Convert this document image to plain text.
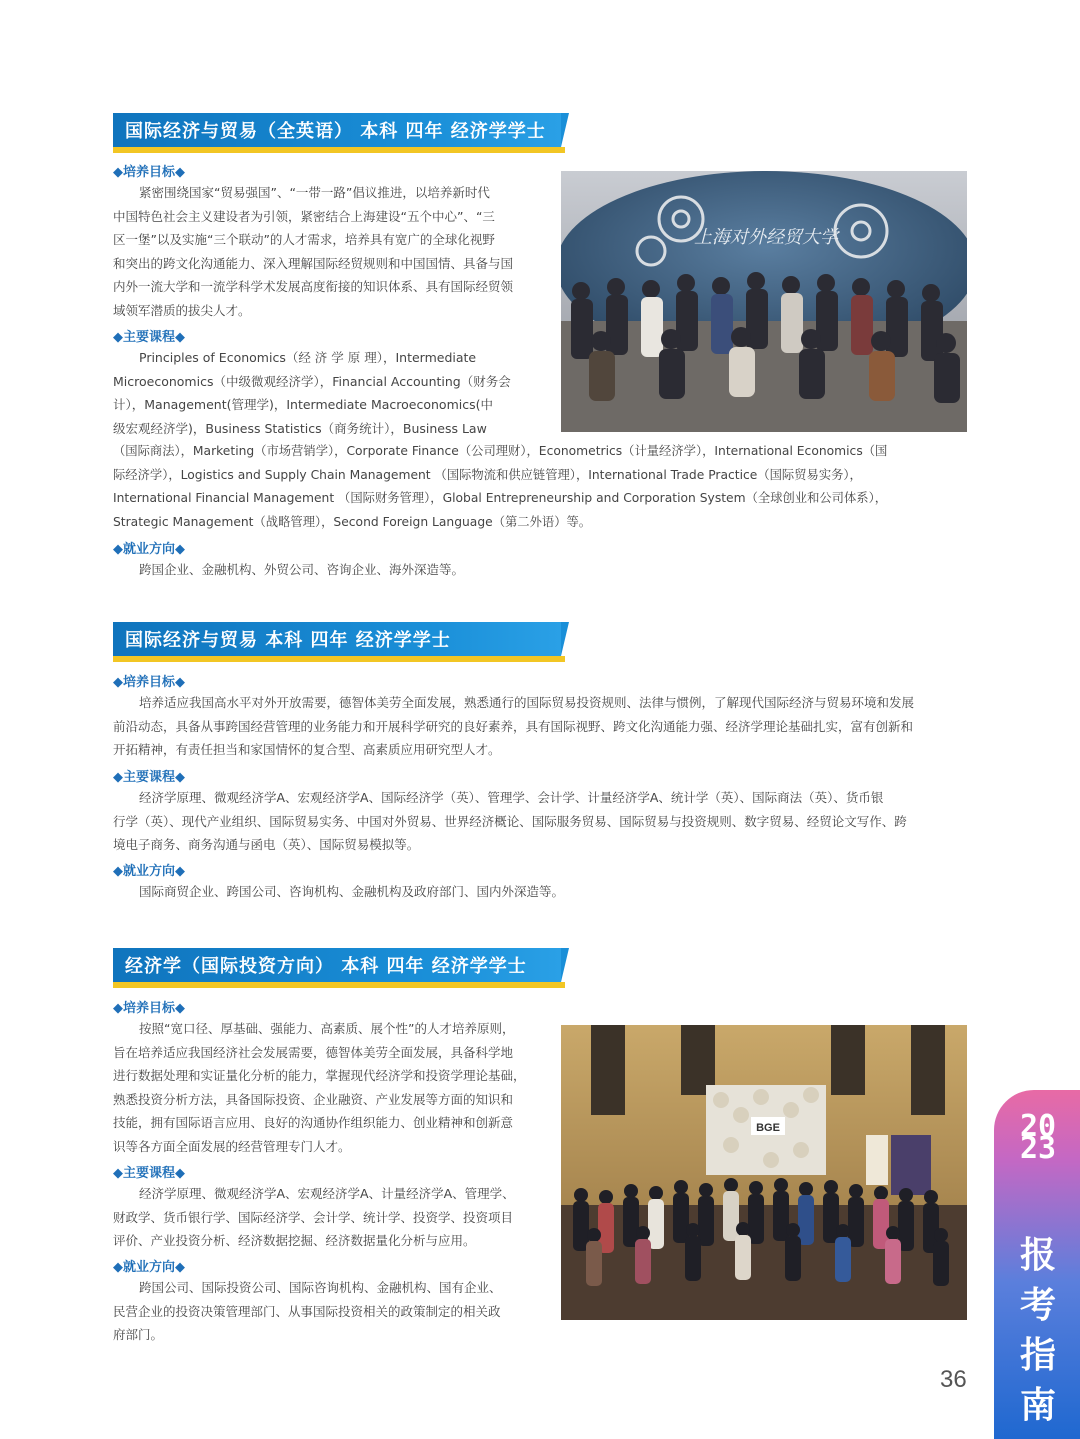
国际经济与贸易（全英语） 本科 四年 经济学学士
◆培养目标◆
紧密围绕国家“贸易强国”、“一带一路”倡议推进，以培养新时代
中国特色社会主义建设者为引领，紧密结合上海建设“五个中心”、“三
区一堡”以及实施“三个联动”的人才需求，培养具有宽广的全球化视野
和突出的跨文化沟通能力、深入理解国际经贸规则和中国国情、具备与国
内外一流大学和一流学科学术发展高度衔接的知识体系、具有国际经贸领
域领军潜质的拔尖人才。
◆主要课程◆
Principles of Economics（经 济 学 原 理），Intermediate
Microeconomics（中级微观经济学），Financial Accounting（财务会
计），Management(管理学)，Intermediate Macroeconomics(中
级宏观经济学)，Business Statistics（商务统计），Business Law
（国际商法），Marketing（市场营销学），Corporate Finance（公司理财），Econometrics（计量经济学），International Economics（国
际经济学），Logistics and Supply Chain Management （国际物流和供应链管理），International Trade Practice（国际贸易实务），
International Financial Management （国际财务管理），Global Entrepreneurship and Corporation System（全球创业和公司体系），
Strategic Management（战略管理），Second Foreign Language（第二外语）等。
◆就业方向◆
跨国企业、金融机构、外贸公司、咨询企业、海外深造等。
上海对外经贸大学
国际经济与贸易 本科 四年 经济学学士
◆培养目标◆
培养适应我国高水平对外开放需要，德智体美劳全面发展，熟悉通行的国际贸易投资规则、法律与惯例，了解现代国际经济与贸易环境和发展
前沿动态，具备从事跨国经营管理的业务能力和开展科学研究的良好素养，具有国际视野、跨文化沟通能力强、经济学理论基础扎实，富有创新和
开拓精神，有责任担当和家国情怀的复合型、高素质应用研究型人才。
◆主要课程◆
经济学原理、微观经济学A、宏观经济学A、国际经济学（英）、管理学、会计学、计量经济学A、统计学（英）、国际商法（英）、货币银
行学（英）、现代产业组织、国际贸易实务、中国对外贸易、世界经济概论、国际服务贸易、国际贸易与投资规则、数字贸易、经贸论文写作、跨
境电子商务、商务沟通与函电（英）、国际贸易模拟等。
◆就业方向◆
国际商贸企业、跨国公司、咨询机构、金融机构及政府部门、国内外深造等。
经济学（国际投资方向） 本科 四年 经济学学士
◆培养目标◆
按照“宽口径、厚基础、强能力、高素质、展个性”的人才培养原则，
旨在培养适应我国经济社会发展需要，德智体美劳全面发展，具备科学地
进行数据处理和实证量化分析的能力，掌握现代经济学和投资学理论基础，
熟悉投资分析方法，具备国际投资、企业融资、产业发展等方面的知识和
技能，拥有国际语言应用、良好的沟通协作组织能力、创业精神和创新意
识等各方面全面发展的经营管理专门人才。
◆主要课程◆
经济学原理、微观经济学A、宏观经济学A、计量经济学A、管理学、
财政学、货币银行学、国际经济学、会计学、统计学、投资学、投资项目
评价、产业投资分析、经济数据挖掘、经济数据量化分析与应用。
◆就业方向◆
跨国公司、国际投资公司、国际咨询机构、金融机构、国有企业、
民营企业的投资决策管理部门、从事国际投资相关的政策制定的相关政
府部门。
BGE	2023
报考指南
36
